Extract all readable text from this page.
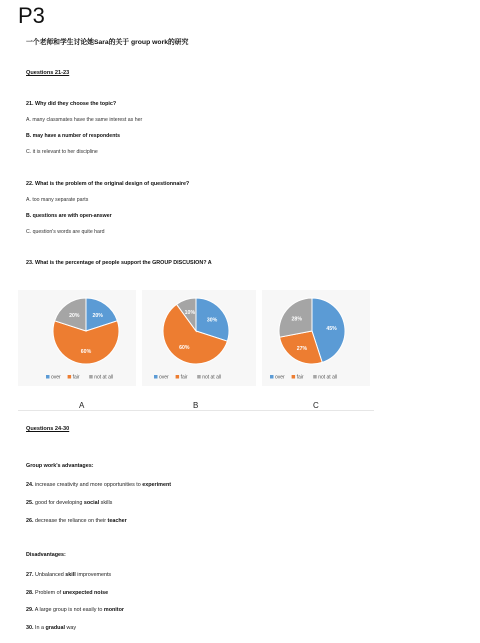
P3
一个老师和学生讨论她Sara的关于 group work的研究
Questions 21-23
21. Why did they choose the topic?
A. many classmates have the same interest as her
B. may have a number of respondents
C. it is relevant to her discipline
22. What is the problem of the original design of questionnaire?
A. too many separate parts
B. questions are with open-answer
C. question's words are quite hard
23. What is the percentage of people support the GROUP DISCUSION? A
20%
60%
20%
over fair	not at all
30%
60%
10%
over fair	not at all
45%
27%
28%
over fair	not at all
A	B	C
Questions 24-30
Group work's advantages:
24. increase creativity and more opportunities to experiment
25. good for developing social skills
26. decrease the reliance on their teacher
Disadvantages:
27. Unbalanced skill improvements
28. Problem of unexpected noise
29. A large group is not easily to monitor
30. In a gradual way
